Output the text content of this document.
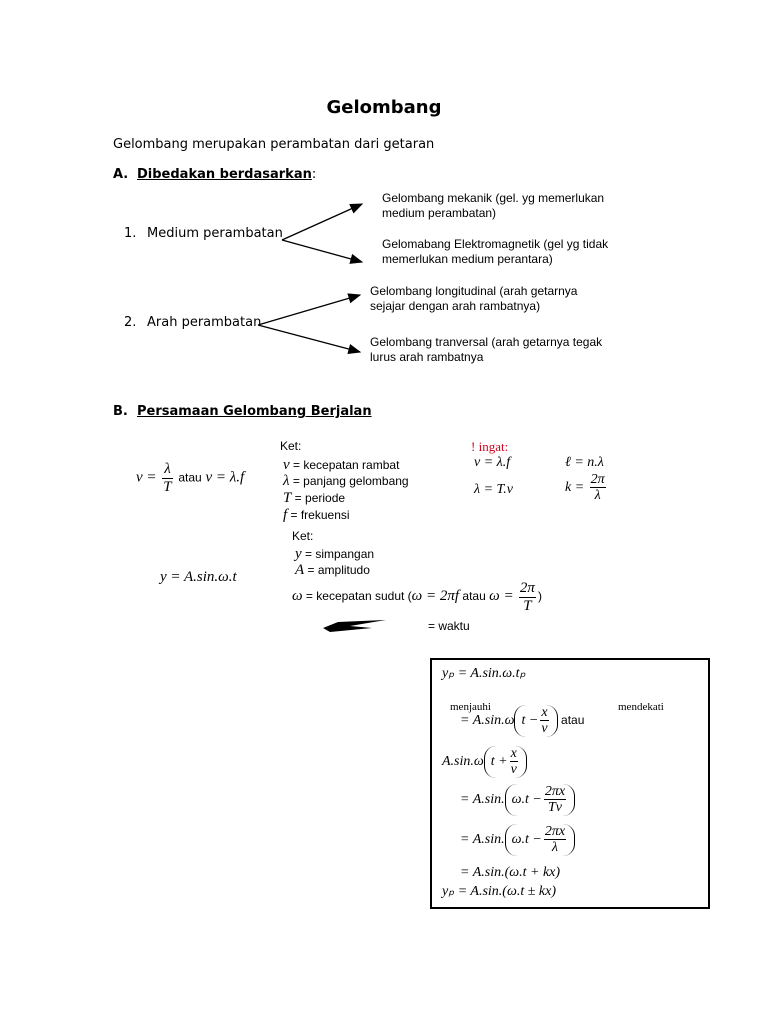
Gelombang
Gelombang merupakan perambatan dari getaran
A. Dibedakan berdasarkan:
1. Medium perambatan
Gelombang mekanik (gel. yg memerlukan
medium perambatan)
Gelomabang Elektromagnetik (gel yg tidak
memerlukan medium perantara)
2. Arah perambatan
Gelombang longitudinal (arah getarnya
sejajar dengan arah rambatnya)
Gelombang tranversal (arah getarnya tegak
lurus arah rambatnya
B. Persamaan Gelombang Berjalan
$v = \frac{\lambda}{T}$ atau v = λ.f
Ket:
v = kecepatan rambat
λ = panjang gelombang
T = periode
f = frekuensi
! ingat:
v = λ.f	ℓ = n.λ
λ = T.v	$k = \frac{2\pi}{\lambda}$
y = A.sin.ω.t
Ket:
y = simpangan
A = amplitudo
ω = kecepatan sudut (ω = 2πf atau $\omega = \frac{2\pi}{T}$ )
= waktu
yₚ = A.sin.ω.tₚ
menjauhi	mendekati
= A.sin.ω $t - \frac{x}{v}$ atau
A.sin.ω $t + \frac{x}{v}$
= A.sin. $\omega.t - \frac{2\pi x}{Tv}$
= A.sin. $\omega.t - \frac{2\pi x}{\lambda}$
= A.sin.(ω.t + kx)
yₚ = A.sin.(ω.t ± kx)
